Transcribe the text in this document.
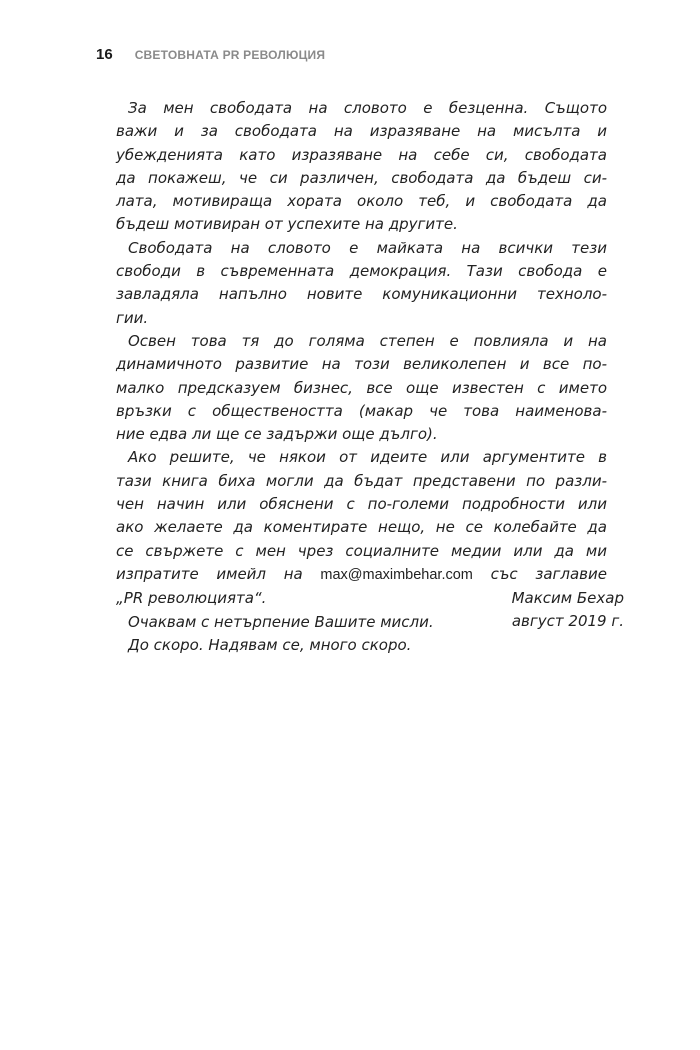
16 СВЕТОВНАТА PR РЕВОЛЮЦИЯ

За мен свободата на словото е безценна. Същото
важи и за свободата на изразяване на мисълта и
убежденията като изразяване на себе си, свободата
да покажеш, че си различен, свободата да бъдеш си-
лата, мотивираща хората около теб, и свободата да
бъдеш мотивиран от успехите на другите.

Свободата на словото е майката на всички тези
свободи в съвременната демокрация. Тази свобода е
завладяла напълно новите комуникационни техноло-
гии.

Освен това тя до голяма степен е повлияла и на
динамичното развитие на този великолепен и все по-
малко предсказуем бизнес, все още известен с името
връзки с обществеността (макар че това наименова-
ние едва ли ще се задържи още дълго).

Ако решите, че някои от идеите или аргументите в
тази книга биха могли да бъдат представени по разли-
чен начин или обяснени с по-големи подробности или
ако желаете да коментирате нещо, не се колебайте да
се свържете с мен чрез социалните медии или да ми
изпратите имейл на max@maximbehar.com със заглавие
„PR революцията“.

Очаквам с нетърпение Вашите мисли.

До скоро. Надявам се, много скоро.

Максим Бехар
август 2019 г.
